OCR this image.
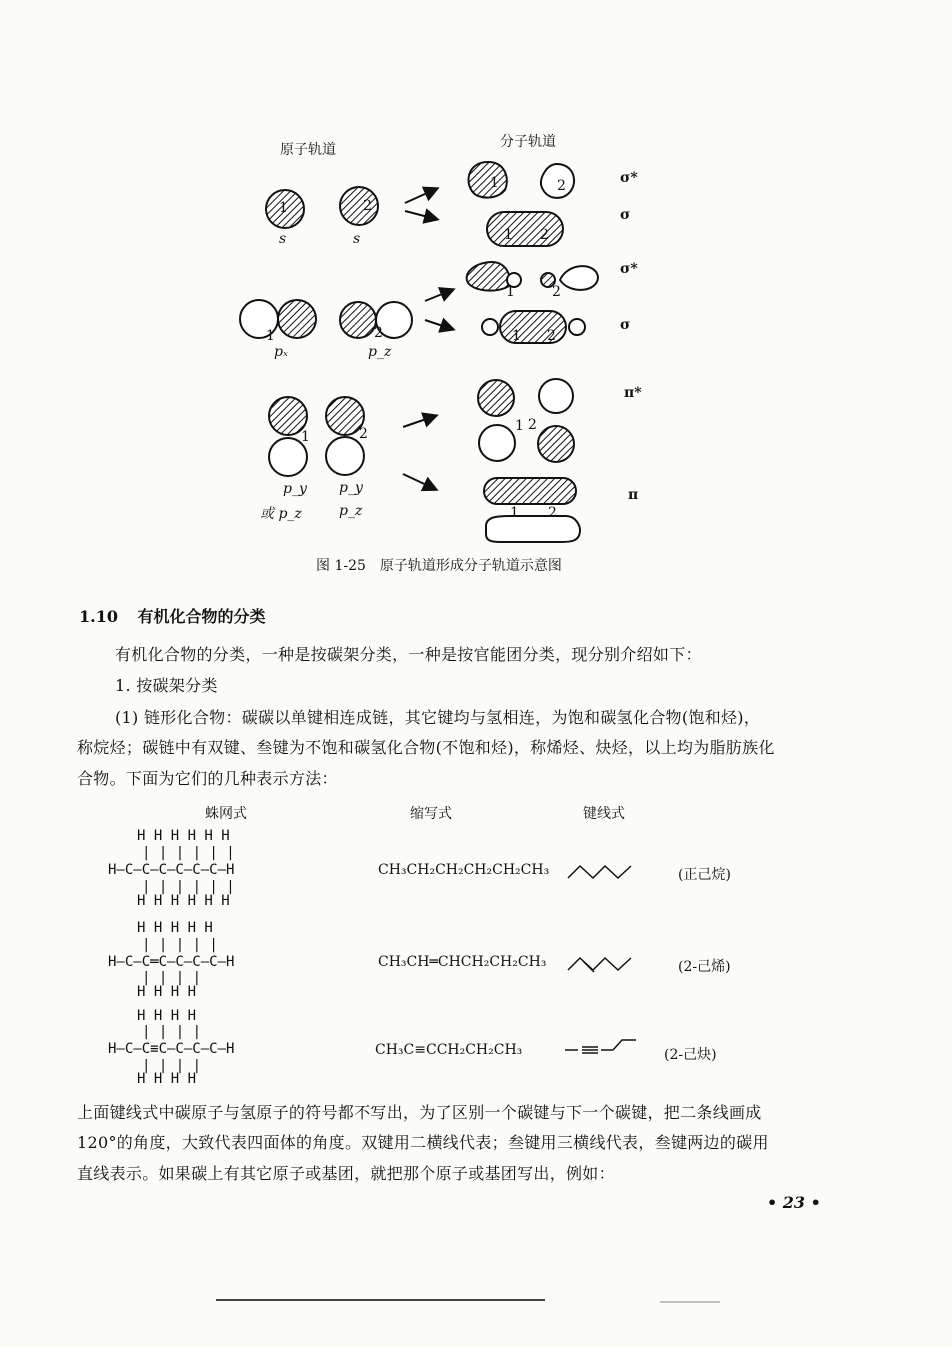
原子轨道	分子轨道
s	s
pₓ	p_z
p_y p_y
或 p_z	p_z
1	2
1	2
1	2
1	2
1 2
1	2
1 2
1 2
1 2
σ*
σ
σ*
σ
π*
π
图 1-25　原子轨道形成分子轨道示意图
1.10 有机化合物的分类
有机化合物的分类，一种是按碳架分类，一种是按官能团分类，现分别介绍如下：
1. 按碳架分类
(1) 链形化合物：碳碳以单键相连成链，其它键均与氢相连，为饱和碳氢化合物(饱和烃)，
称烷烃；碳链中有双键、叁键为不饱和碳氢化合物(不饱和烃)，称烯烃、炔烃，以上均为脂肪族化
合物。下面为它们的几种表示方法：
蛛网式	缩写式	键线式
H H H H H H
| | | | | |
H—C—C—C—C—C—C—H
| | | | | |
H H H H H H
CH₃CH₂CH₂CH₂CH₂CH₃	(正己烷)
H H H H H
| | | | |
H—C—C═C—C—C—C—H
| | | |
H H H H
CH₃CH═CHCH₂CH₂CH₃	(2-己烯)
H H H H
| | | |
H—C—C≡C—C—C—C—H
| | | |
H H H H
CH₃C≡CCH₂CH₂CH₃	(2-己炔)
上面键线式中碳原子与氢原子的符号都不写出，为了区别一个碳键与下一个碳键，把二条线画成
120°的角度，大致代表四面体的角度。双键用二横线代表；叁键用三横线代表，叁键两边的碳用
直线表示。如果碳上有其它原子或基团，就把那个原子或基团写出，例如：
• 23 •
